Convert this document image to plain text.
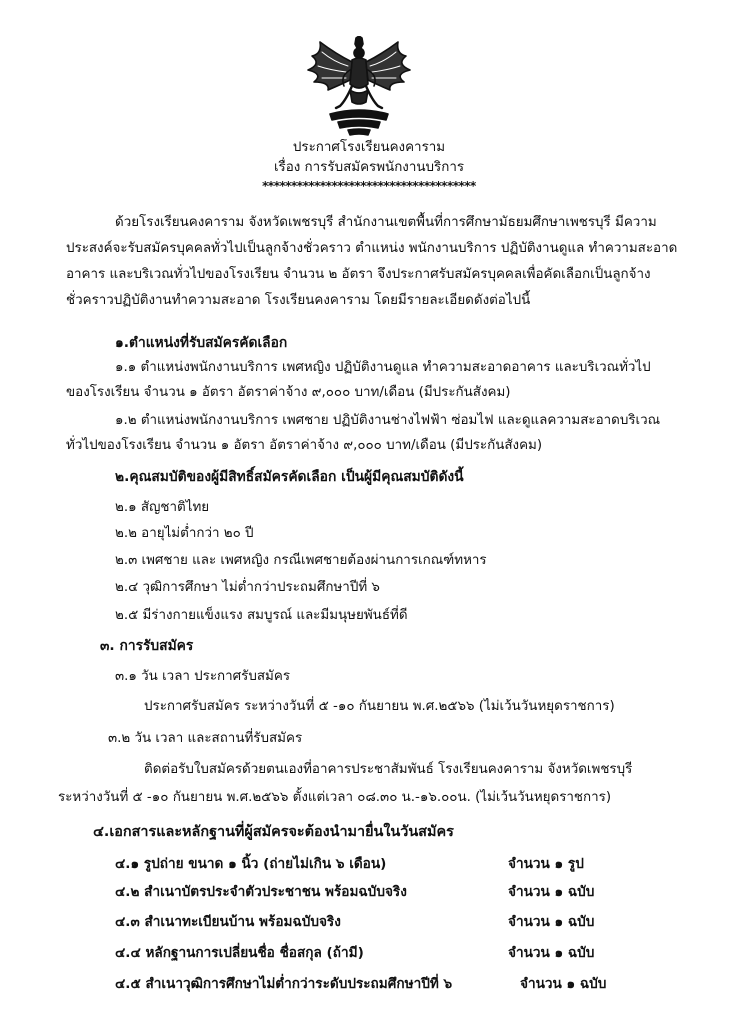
ประกาศโรงเรียนคงคาราม
เรื่อง การรับสมัครพนักงานบริการ
*************************************
ด้วยโรงเรียนคงคาราม จังหวัดเพชรบุรี สำนักงานเขตพื้นที่การศึกษามัธยมศึกษาเพชรบุรี มีความ
ประสงค์จะรับสมัครบุคคลทั่วไปเป็นลูกจ้างชั่วคราว ตำแหน่ง พนักงานบริการ ปฏิบัติงานดูแล ทำความสะอาด
อาคาร และบริเวณทั่วไปของโรงเรียน จำนวน ๒ อัตรา จึงประกาศรับสมัครบุคคลเพื่อคัดเลือกเป็นลูกจ้าง
ชั่วคราวปฏิบัติงานทำความสะอาด โรงเรียนคงคาราม โดยมีรายละเอียดดังต่อไปนี้
๑.ตำแหน่งที่รับสมัครคัดเลือก
๑.๑ ตำแหน่งพนักงานบริการ เพศหญิง ปฏิบัติงานดูแล ทำความสะอาดอาคาร และบริเวณทั่วไป
ของโรงเรียน จำนวน ๑ อัตรา อัตราค่าจ้าง ๙,๐๐๐ บาท/เดือน (มีประกันสังคม)
๑.๒ ตำแหน่งพนักงานบริการ เพศชาย ปฏิบัติงานช่างไฟฟ้า ซ่อมไฟ และดูแลความสะอาดบริเวณ
ทั่วไปของโรงเรียน จำนวน ๑ อัตรา อัตราค่าจ้าง ๙,๐๐๐ บาท/เดือน (มีประกันสังคม)
๒.คุณสมบัติของผู้มีสิทธิ์สมัครคัดเลือก เป็นผู้มีคุณสมบัติดังนี้
๒.๑ สัญชาติไทย
๒.๒ อายุไม่ต่ำกว่า ๒๐ ปี
๒.๓ เพศชาย และ เพศหญิง กรณีเพศชายต้องผ่านการเกณฑ์ทหาร
๒.๔ วุฒิการศึกษา ไม่ต่ำกว่าประถมศึกษาปีที่ ๖
๒.๕ มีร่างกายแข็งแรง สมบูรณ์ และมีมนุษยพันธ์ที่ดี
๓. การรับสมัคร
๓.๑ วัน เวลา ประกาศรับสมัคร
ประกาศรับสมัคร ระหว่างวันที่ ๕ -๑๐ กันยายน พ.ศ.๒๕๖๖ (ไม่เว้นวันหยุดราชการ)
๓.๒ วัน เวลา และสถานที่รับสมัคร
ติดต่อรับใบสมัครด้วยตนเองที่อาคารประชาสัมพันธ์ โรงเรียนคงคาราม จังหวัดเพชรบุรี
ระหว่างวันที่ ๕ -๑๐ กันยายน พ.ศ.๒๕๖๖ ตั้งแต่เวลา ๐๘.๓๐ น.-๑๖.๐๐น. (ไม่เว้นวันหยุดราชการ)
๔.เอกสารและหลักฐานที่ผู้สมัครจะต้องนำมายื่นในวันสมัคร
๔.๑ รูปถ่าย ขนาด ๑ นิ้ว (ถ่ายไม่เกิน ๖ เดือน)	จำนวน ๑ รูป
๔.๒ สำเนาบัตรประจำตัวประชาชน พร้อมฉบับจริง	จำนวน ๑ ฉบับ
๔.๓ สำเนาทะเบียนบ้าน พร้อมฉบับจริง	จำนวน ๑ ฉบับ
๔.๔ หลักฐานการเปลี่ยนชื่อ ชื่อสกุล (ถ้ามี)	จำนวน ๑ ฉบับ
๔.๕ สำเนาวุฒิการศึกษาไม่ต่ำกว่าระดับประถมศึกษาปีที่ ๖	จำนวน ๑ ฉบับ
